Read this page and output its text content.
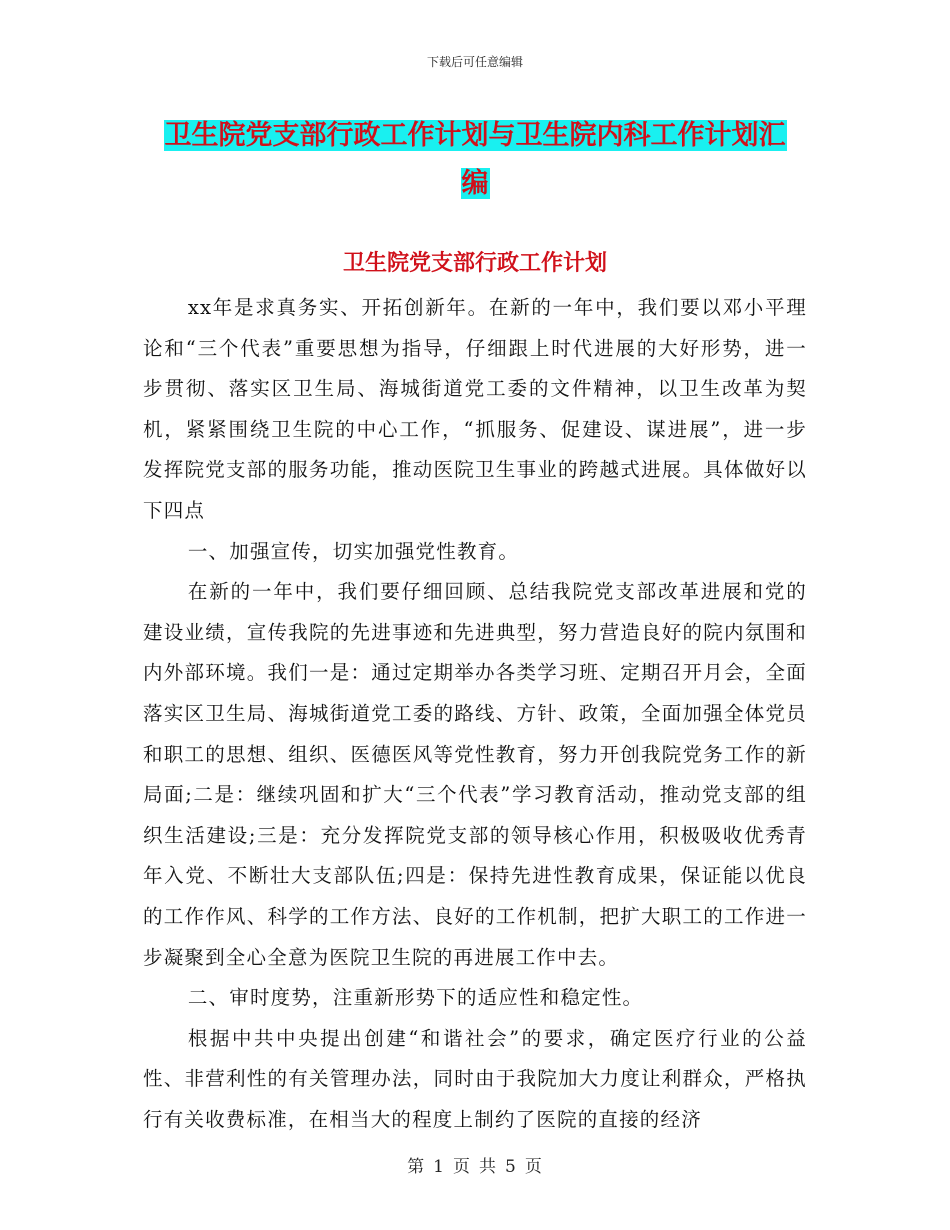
下载后可任意编辑
卫生院党支部行政工作计划与卫生院内科工作计划汇
编
卫生院党支部行政工作计划

xx年是求真务实、开拓创新年。在新的一年中，我们要以邓小平理论和“三个代表”重要思想为指导，仔细跟上时代进展的大好形势，进一步贯彻、落实区卫生局、海城街道党工委的文件精神，以卫生改革为契机，紧紧围绕卫生院的中心工作，“抓服务、促建设、谋进展”，进一步发挥院党支部的服务功能，推动医院卫生事业的跨越式进展。具体做好以下四点

一、加强宣传，切实加强党性教育。

在新的一年中，我们要仔细回顾、总结我院党支部改革进展和党的建设业绩，宣传我院的先进事迹和先进典型，努力营造良好的院内氛围和内外部环境。我们一是：通过定期举办各类学习班、定期召开月会，全面落实区卫生局、海城街道党工委的路线、方针、政策，全面加强全体党员和职工的思想、组织、医德医风等党性教育，努力开创我院党务工作的新局面;二是：继续巩固和扩大“三个代表”学习教育活动，推动党支部的组织生活建设;三是：充分发挥院党支部的领导核心作用，积极吸收优秀青年入党、不断壮大支部队伍;四是：保持先进性教育成果，保证能以优良的工作作风、科学的工作方法、良好的工作机制，把扩大职工的工作进一步凝聚到全心全意为医院卫生院的再进展工作中去。

二、审时度势，注重新形势下的适应性和稳定性。

根据中共中央提出创建“和谐社会”的要求，确定医疗行业的公益性、非营利性的有关管理办法，同时由于我院加大力度让利群众，严格执行有关收费标准，在相当大的程度上制约了医院的直接的经济

第 1 页 共 5 页
